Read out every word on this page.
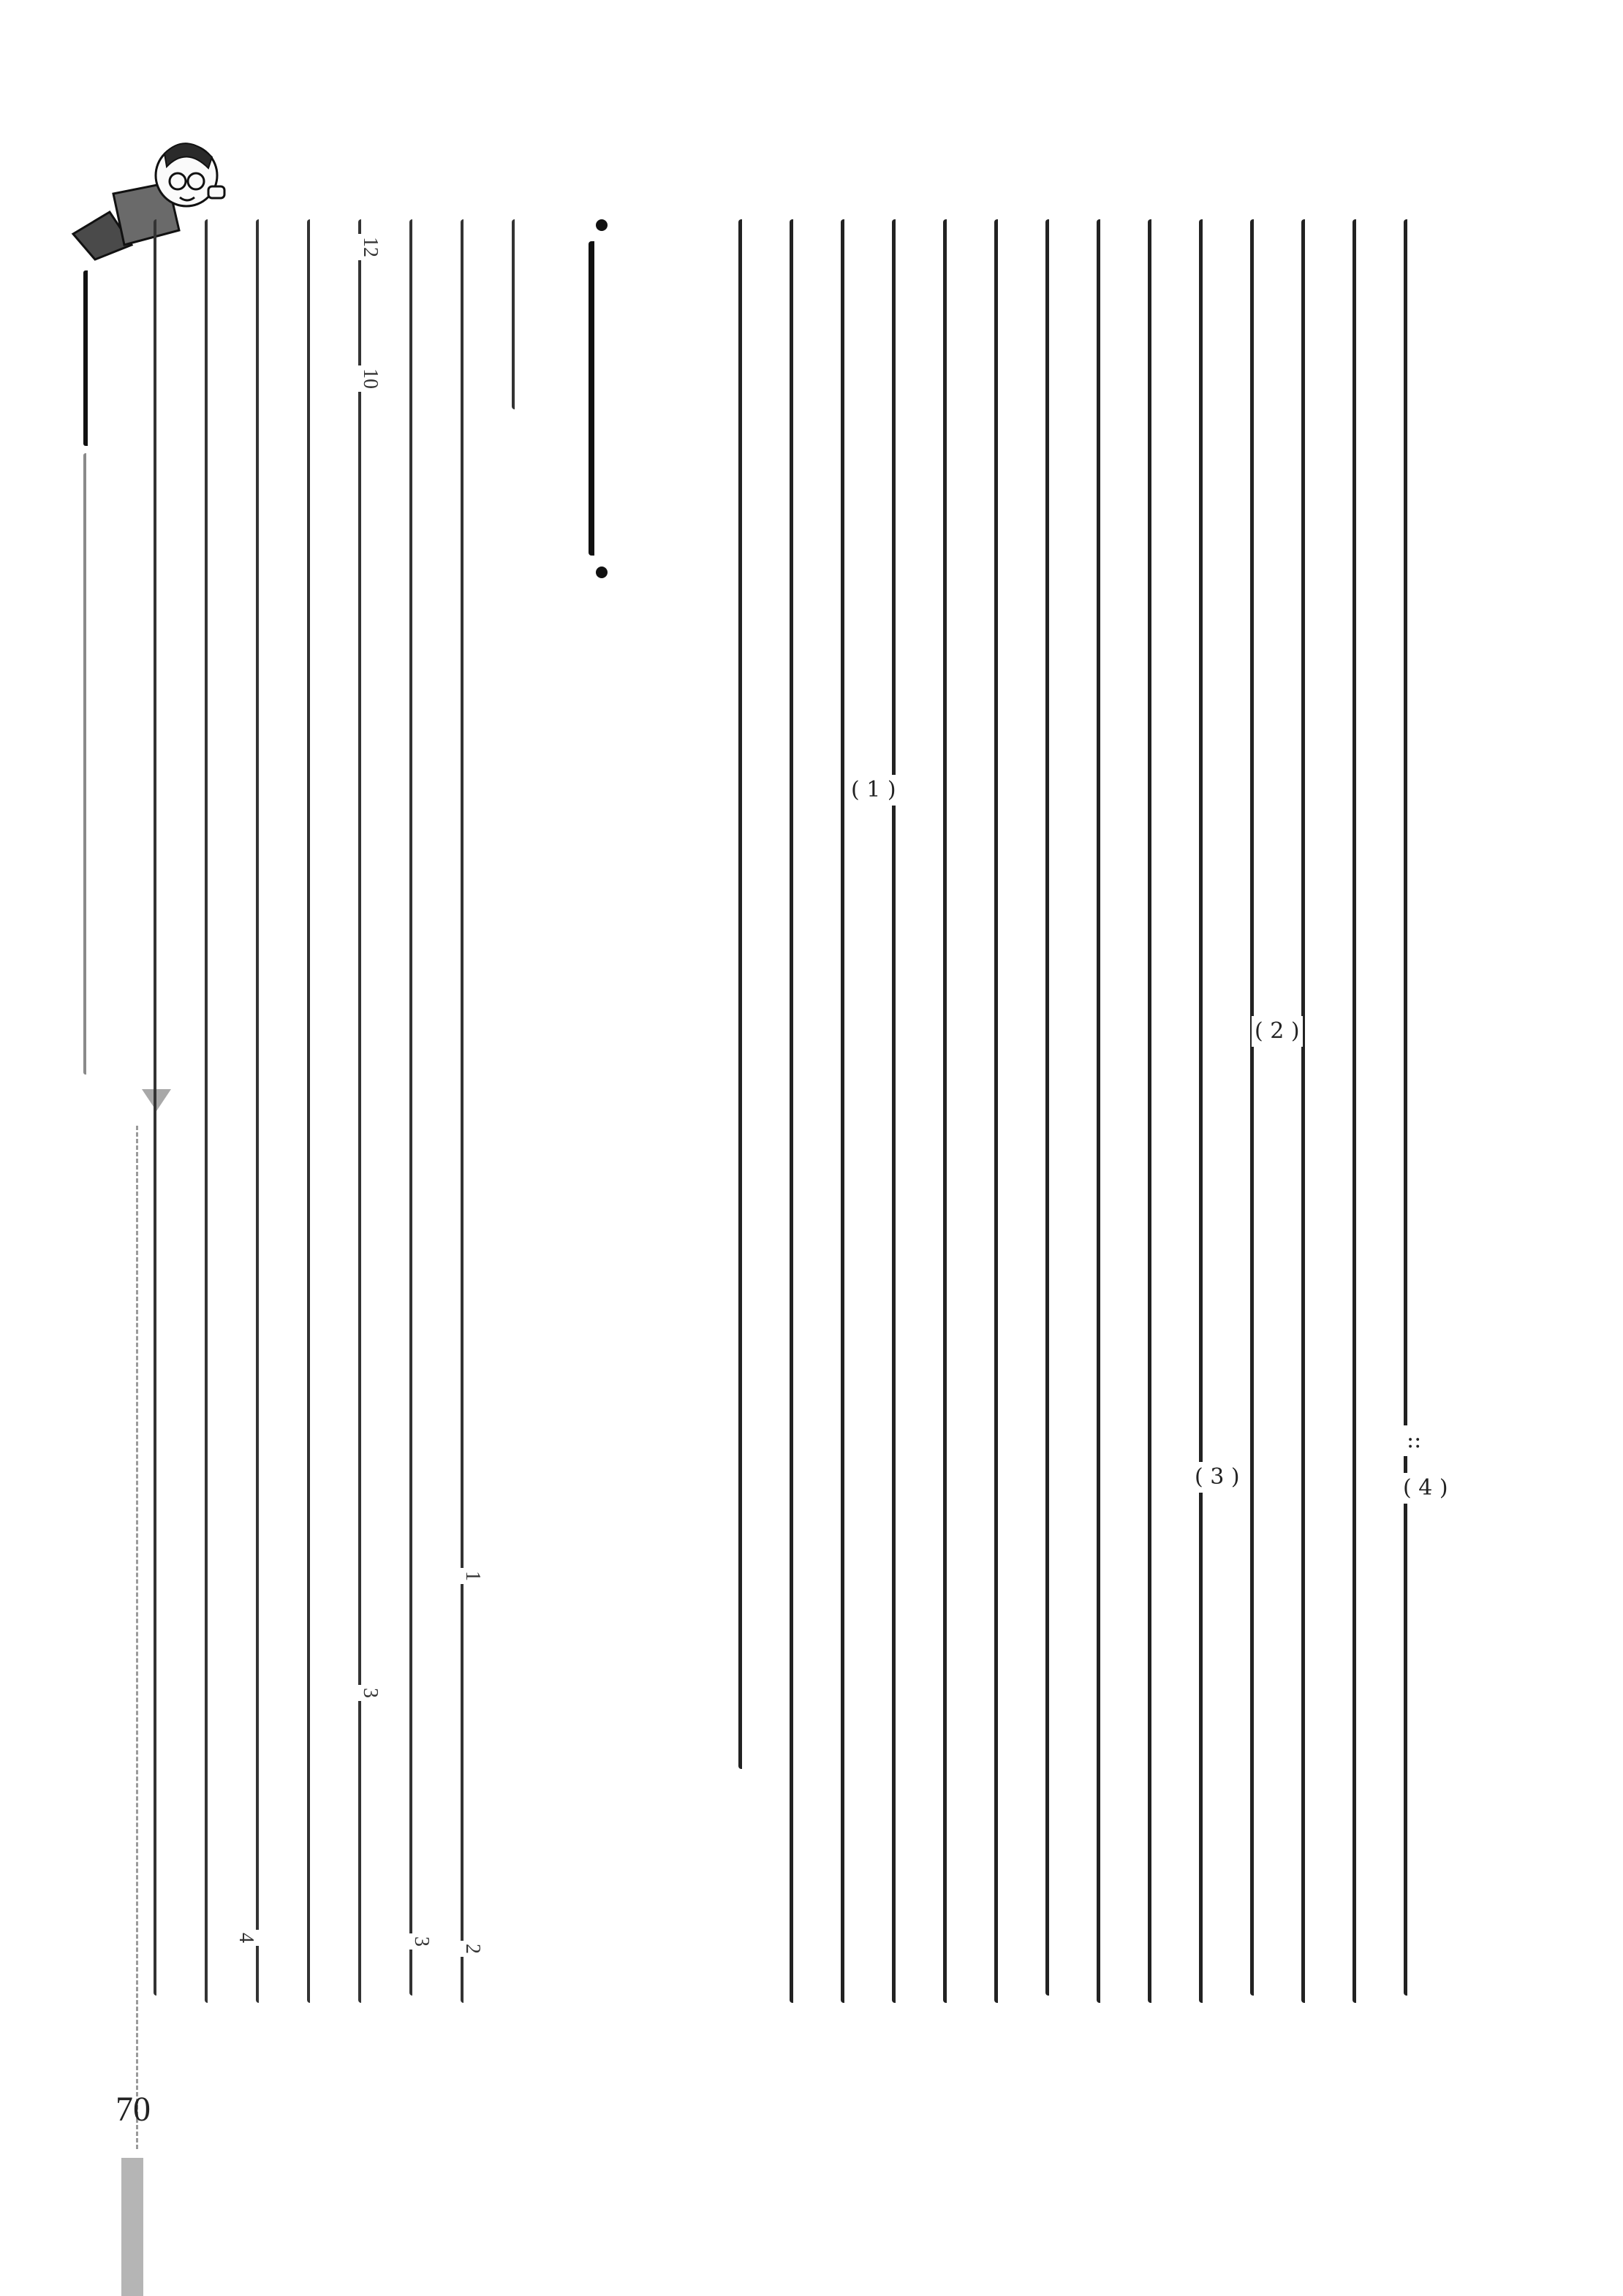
( 4 )
( 3 )
( 2 )
( 1 )
::
1
2
3
3
10
12
4
70
